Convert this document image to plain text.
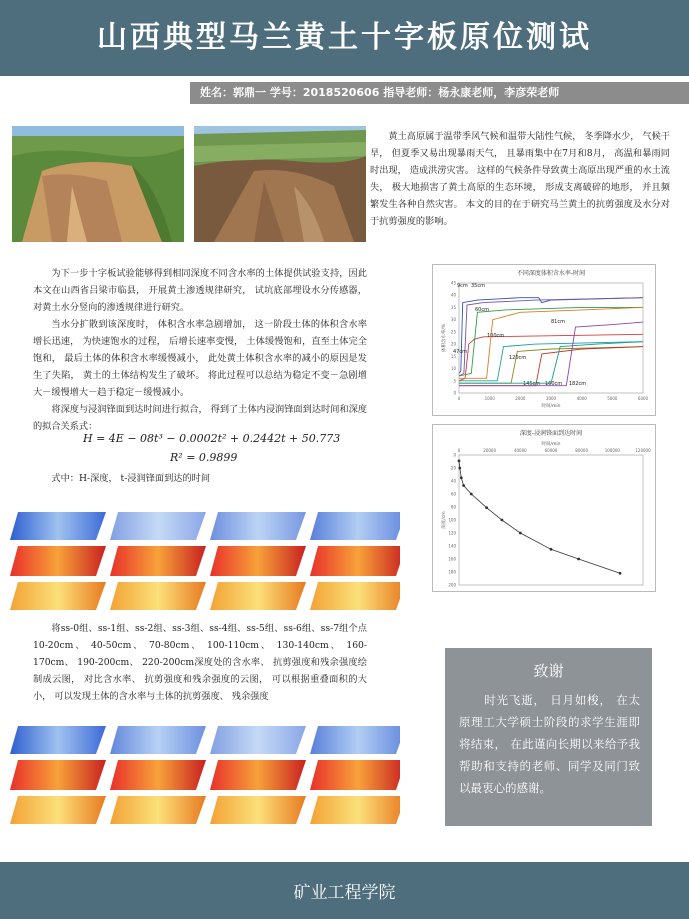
山西典型马兰黄土十字板原位测试
姓名：郭鼎一 学号：2018520606 指导老师：杨永康老师，李彦荣老师

黄土高原属于温带季风气候和温带大陆性气候， 冬季降水少， 气候干旱， 但夏季又易出现暴雨天气， 且暴雨集中在7月和8月， 高温和暴雨同时出现， 造成洪涝灾害。 这样的气候条件导致黄土高原出现严重的水土流失， 极大地损害了黄土高原的生态环境， 形成支离破碎的地形， 并且频繁发生各种自然灾害。 本文的目的在于研究马兰黄土的抗剪强度及水分对于抗剪强度的影响。

为下一步十字板试验能够得到相同深度不同含水率的土体提供试验支持，因此本文在山西省吕梁市临县， 开展黄土渗透规律研究， 试坑底部埋设水分传感器， 对黄土水分竖向的渗透规律进行研究。

当水分扩散到该深度时， 体积含水率急剧增加， 这一阶段土体的体积含水率增长迅速， 为快速饱水的过程， 后增长速率变慢， 土体缓慢饱和，直至土体完全饱和， 最后土体的体积含水率缓慢减小， 此处黄土体积含水率的减小的原因是发生了失陷， 黄土的土体结构发生了破坏。 将此过程可以总结为稳定不变－急剧增大－缓慢增大－趋于稳定－缓慢减小。

将深度与浸润锋面到达时间进行拟合， 得到了土体内浸润锋面到达时间和深度的拟合关系式：

H = 4E − 08t³ − 0.0002t² + 0.2442t + 50.773
R² = 0.9899

式中：H-深度， t-浸润锋面到达的时间

将ss-0组、ss-1组、ss-2组、ss-3组、ss-4组、ss-5组、ss-6组、ss-7组个点10-20cm、 40-50cm、 70-80cm、 100-110cm、 130-140cm、 160-170cm、 190-200cm、 220-200cm深度处的含水率、 抗剪强度和残余强度绘制成云图， 对比含水率、 抗剪强度和残余强度的云图， 可以根据重叠面积的大小， 可以发现土体的含水率与土体的抗剪强度、 残余强度

不同深度体积含水率-时间
0	1000	2000	3000	4000	5000	6000
时间/min
0
5
10
15
20
25
30
35
40
45
体积含水率/%
9cm 35cm
47cm
60cm
81cm
100cm
120cm
145cm 160cm 182cm
深度-浸润锋面到达时间
0	20000	40000	60000	80000	100000	120000
时间/min
0
20
40
60
80
100
120
140
160
180
200
深度/cm
致谢
时光飞逝， 日月如梭， 在太原理工大学硕士阶段的求学生涯即将结束， 在此谨向长期以来给予我帮助和支持的老师、同学及同门致以最衷心的感谢。
矿业工程学院
